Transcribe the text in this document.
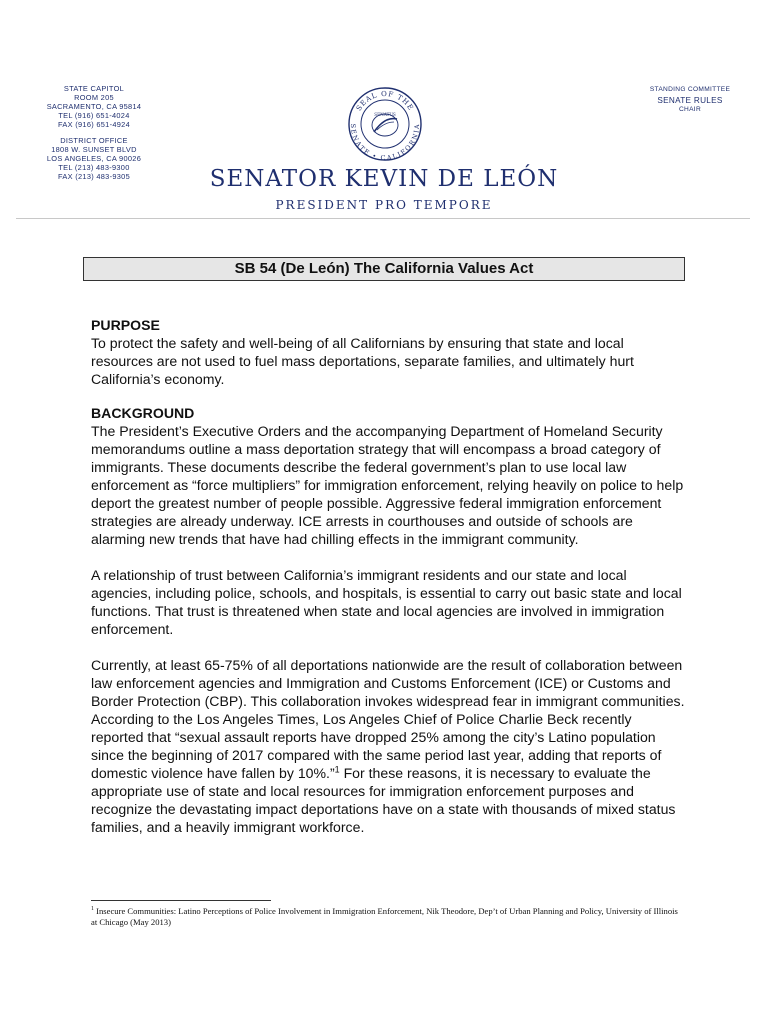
STATE CAPITOL
ROOM 205
SACRAMENTO, CA 95814
TEL (916) 651-4024
FAX (916) 651-4924
DISTRICT OFFICE
1808 W. SUNSET BLVD
LOS ANGELES, CA 90026
TEL (213) 483-9300
FAX (213) 483-9305
SEAL OF THE
SENATE • CALIFORNIA
SENATUS
SENATOR KEVIN DE LEÓN
PRESIDENT PRO TEMPORE
STANDING COMMITTEE
SENATE RULES
CHAIR
SB 54 (De León) The California Values Act
PURPOSE

To protect the safety and well-being of all Californians by ensuring that state and local resources are not used to fuel mass deportations, separate families, and ultimately hurt California’s economy.

BACKGROUND

The President’s Executive Orders and the accompanying Department of Homeland Security memorandums outline a mass deportation strategy that will encompass a broad category of immigrants. These documents describe the federal government’s plan to use local law enforcement as “force multipliers” for immigration enforcement, relying heavily on police to help deport the greatest number of people possible. Aggressive federal immigration enforcement strategies are already underway. ICE arrests in courthouses and outside of schools are alarming new trends that have had chilling effects in the immigrant community.

A relationship of trust between California’s immigrant residents and our state and local agencies, including police, schools, and hospitals, is essential to carry out basic state and local functions. That trust is threatened when state and local agencies are involved in immigration enforcement.

Currently, at least 65-75% of all deportations nationwide are the result of collaboration between law enforcement agencies and Immigration and Customs Enforcement (ICE) or Customs and Border Protection (CBP). This collaboration invokes widespread fear in immigrant communities. According to the Los Angeles Times, Los Angeles Chief of Police Charlie Beck recently reported that “sexual assault reports have dropped 25% among the city’s Latino population since the beginning of 2017 compared with the same period last year, adding that reports of domestic violence have fallen by 10%.”$^1$ For these reasons, it is necessary to evaluate the appropriate use of state and local resources for immigration enforcement purposes and recognize the devastating impact deportations have on a state with thousands of mixed status families, and a heavily immigrant workforce.

$^1$ Insecure Communities: Latino Perceptions of Police Involvement in Immigration Enforcement, Nik Theodore, Dep’t of Urban Planning and Policy, University of Illinois at Chicago (May 2013)
